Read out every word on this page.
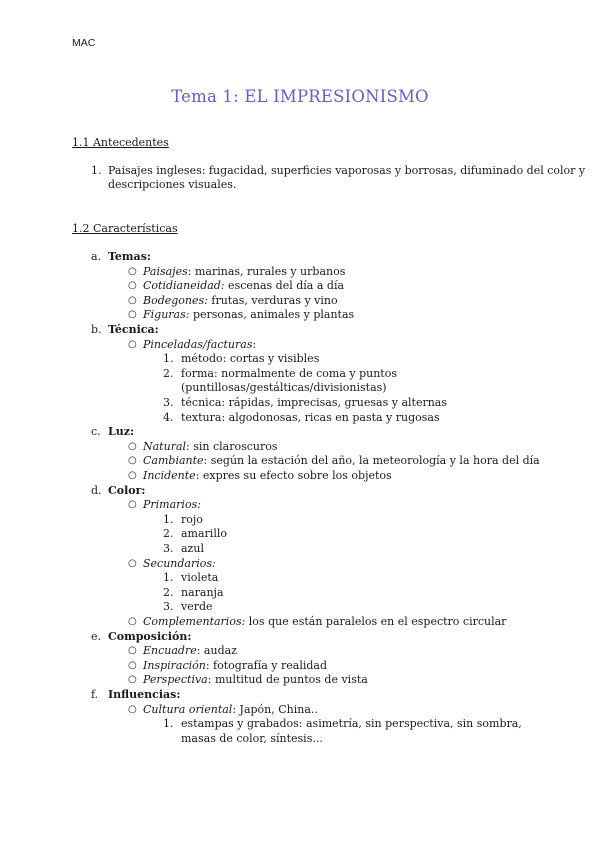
MAC
Tema 1: EL IMPRESIONISMO
1.1 Antecedentes
1. Paisajes ingleses: fugacidad, superficies vaporosas y borrosas, difuminado del color y
descripciones visuales.
1.2 Características
a. Temas:
○ Paisajes: marinas, rurales y urbanos
○ Cotidianeidad: escenas del día a día
○ Bodegones: frutas, verduras y vino
○ Figuras: personas, animales y plantas
b. Técnica:
○ Pinceladas/facturas:
1. método: cortas y visibles
2. forma: normalmente de coma y puntos
(puntillosas/gestálticas/divisionistas)
3. técnica: rápidas, imprecisas, gruesas y alternas
4. textura: algodonosas, ricas en pasta y rugosas
c. Luz:
○ Natural: sin claroscuros
○ Cambiante: según la estación del año, la meteorología y la hora del día
○ Incidente: expres su efecto sobre los objetos
d. Color:
○ Primarios:
1. rojo
2. amarillo
3. azul
○ Secundarios:
1. violeta
2. naranja
3. verde
○ Complementarios: los que están paralelos en el espectro circular
e. Composición:
○ Encuadre: audaz
○ Inspiración: fotografía y realidad
○ Perspectiva: multitud de puntos de vista
f. Influencias:
○ Cultura oriental: Japón, China..
1. estampas y grabados: asimetría, sin perspectiva, sin sombra,
masas de color, síntesis...
